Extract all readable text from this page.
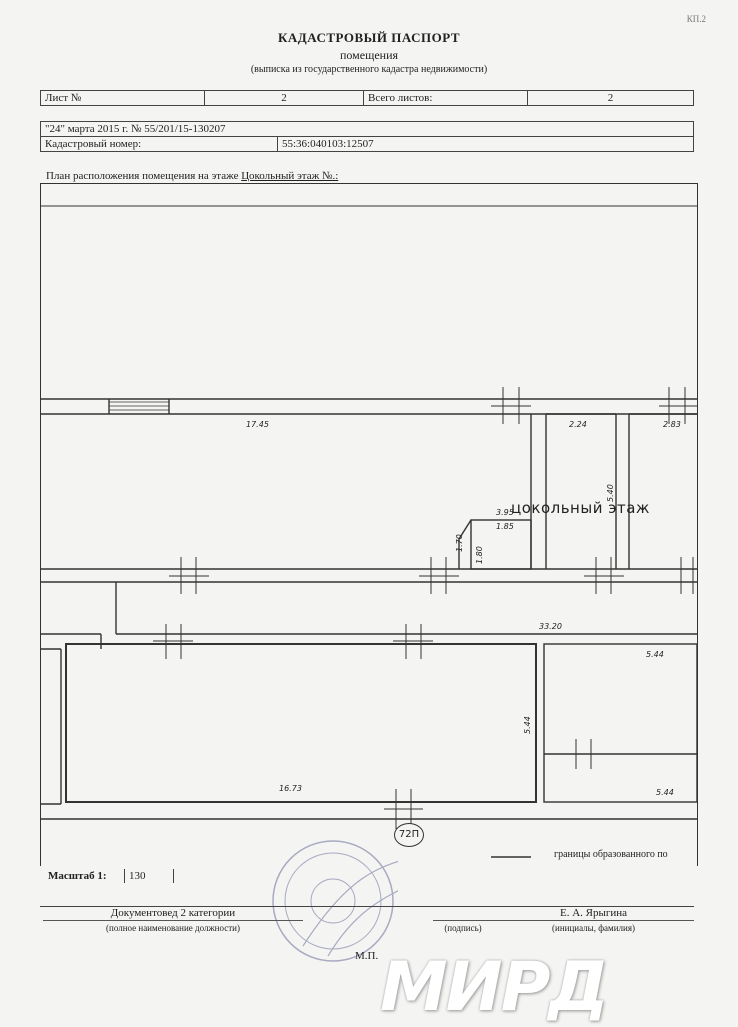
КП.2
КАДАСТРОВЫЙ ПАСПОРТ
помещения
(выписка из государственного кадастра недвижимости)
Лист №	2	Всего листов:	2
"24" марта 2015 г. № 55/201/15-130207
Кадастровый номер:	55:36:040103:12507
План расположения помещения на этаже Цокольный этаж №.:
цокольный этаж
17.45	2.24	2.83
5.40
3.95
1.85
1.70
1.80
33.20
5.44
5.44
16.73	5.44
72П
границы образованного по
Масштаб 1:	130	
Документовед 2 категории			Е. А. Ярыгина
(полное наименование должности)		(подпись)	(инициалы, фамилия)
М.П. МИРД
